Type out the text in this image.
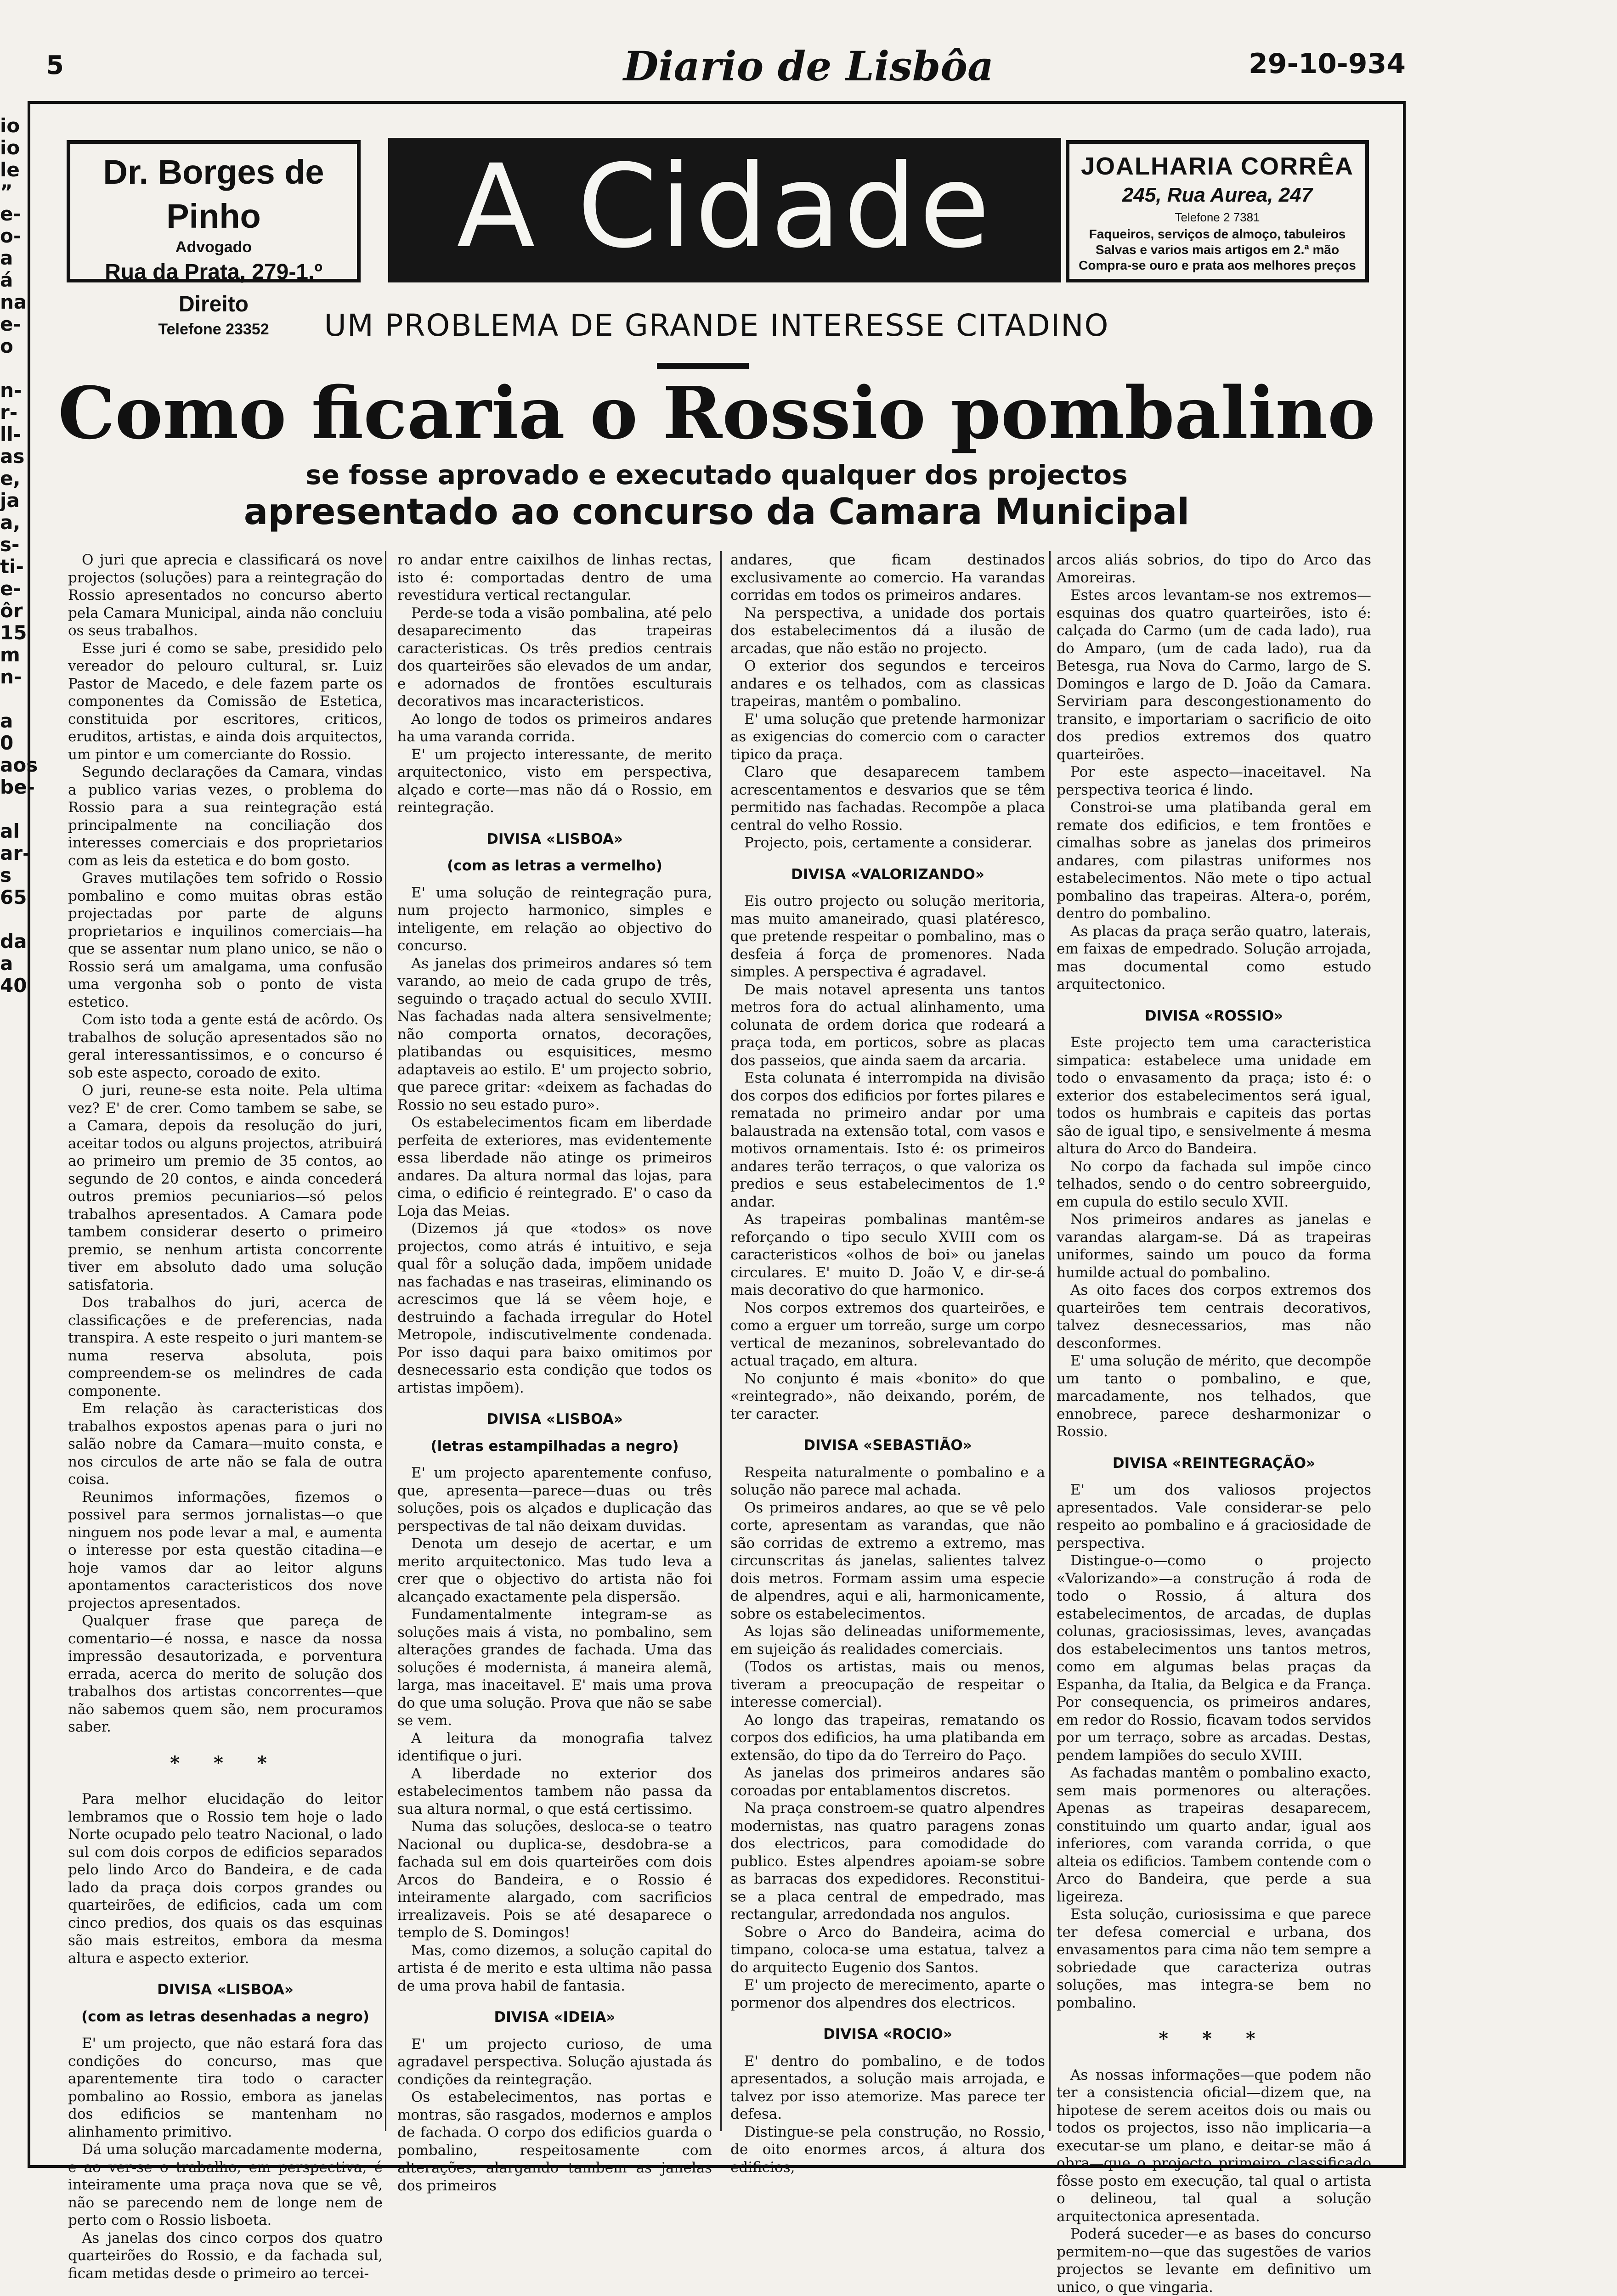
io
io
le
”
e-
o-
a
á
na
e-
o

n-
r-
ll-
as
e,
ja
a,
s-
ti-
e-
ôr
15
m
n-

a
0
aos
be-

al
ar-
s
65

da
a
40
5	Diario de Lisbôa	29-10-934
Dr. Borges de Pinho
Advogado
Rua da Prata, 279-1.º Direito
Telefone 23352
A Cidade	JOALHARIA CORRÊA
245, Rua Aurea, 247
Telefone 2 7381
Faqueiros, serviços de almoço, tabuleiros
Salvas e varios mais artigos em 2.ª mão
Compra-se ouro e prata aos melhores preços
UM PROBLEMA DE GRANDE INTERESSE CITADINO
Como ficaria o Rossio pombalino
se fosse aprovado e executado qualquer dos projectos
apresentado ao concurso da Camara Municipal

O juri que aprecia e classificará os nove projectos (soluções) para a reintegração do Rossio apresentados no concurso aberto pela Camara Municipal, ainda não concluiu os seus trabalhos.

Esse juri é como se sabe, presidido pelo vereador do pelouro cultural, sr. Luiz Pastor de Macedo, e dele fazem parte os componentes da Comissão de Estetica, constituida por escritores, criticos, eruditos, artistas, e ainda dois arquitectos, um pintor e um comerciante do Rossio.

Segundo declarações da Camara, vindas a publico varias vezes, o problema do Rossio para a sua reintegração está principalmente na conciliação dos interesses comerciais e dos proprietarios com as leis da estetica e do bom gosto.

Graves mutilações tem sofrido o Rossio pombalino e como muitas obras estão projectadas por parte de alguns proprietarios e inquilinos comerciais—ha que se assentar num plano unico, se não o Rossio será um amalgama, uma confusão uma vergonha sob o ponto de vista estetico.

Com isto toda a gente está de acôrdo. Os trabalhos de solução apresentados são no geral interessantissimos, e o concurso é sob este aspecto, coroado de exito.

O juri, reune-se esta noite. Pela ultima vez? E' de crer. Como tambem se sabe, se a Camara, depois da resolução do juri, aceitar todos ou alguns projectos, atribuirá ao primeiro um premio de 35 contos, ao segundo de 20 contos, e ainda concederá outros premios pecuniarios—só pelos trabalhos apresentados. A Camara pode tambem considerar deserto o primeiro premio, se nenhum artista concorrente tiver em absoluto dado uma solução satisfatoria.

Dos trabalhos do juri, acerca de classificações e de preferencias, nada transpira. A este respeito o juri mantem-se numa reserva absoluta, pois compreendem-se os melindres de cada componente.

Em relação às caracteristicas dos trabalhos expostos apenas para o juri no salão nobre da Camara—muito consta, e nos circulos de arte não se fala de outra coisa.

Reunimos informações, fizemos o possivel para sermos jornalistas—o que ninguem nos pode levar a mal, e aumenta o interesse por esta questão citadina—e hoje vamos dar ao leitor alguns apontamentos caracteristicos dos nove projectos apresentados.

Qualquer frase que pareça de comentario—é nossa, e nasce da nossa impressão desautorizada, e porventura errada, acerca do merito de solução dos trabalhos dos artistas concorrentes—que não sabemos quem são, nem procuramos saber.

* * *

Para melhor elucidação do leitor lembramos que o Rossio tem hoje o lado Norte ocupado pelo teatro Nacional, o lado sul com dois corpos de edificios separados pelo lindo Arco do Bandeira, e de cada lado da praça dois corpos grandes ou quarteirões, de edificios, cada um com cinco predios, dos quais os das esquinas são mais estreitos, embora da mesma altura e aspecto exterior.

DIVISA «LISBOA»

(com as letras desenhadas a negro)

E' um projecto, que não estará fora das condições do concurso, mas que aparentemente tira todo o caracter pombalino ao Rossio, embora as janelas dos edificios se mantenham no alinhamento primitivo.

Dá uma solução marcadamente moderna, e ao ver-se o trabalho, em perspectiva, é inteiramente uma praça nova que se vê, não se parecendo nem de longe nem de perto com o Rossio lisboeta.

As janelas dos cinco corpos dos quatro quarteirões do Rossio, e da fachada sul, ficam metidas desde o primeiro ao tercei-

ro andar entre caixilhos de linhas rectas, isto é: comportadas dentro de uma revestidura vertical rectangular.

Perde-se toda a visão pombalina, até pelo desaparecimento das trapeiras caracteristicas. Os três predios centrais dos quarteirões são elevados de um andar, e adornados de frontões esculturais decorativos mas incaracteristicos.

Ao longo de todos os primeiros andares ha uma varanda corrida.

E' um projecto interessante, de merito arquitectonico, visto em perspectiva, alçado e corte—mas não dá o Rossio, em reintegração.

DIVISA «LISBOA»

(com as letras a vermelho)

E' uma solução de reintegração pura, num projecto harmonico, simples e inteligente, em relação ao objectivo do concurso.

As janelas dos primeiros andares só tem varando, ao meio de cada grupo de três, seguindo o traçado actual do seculo XVIII. Nas fachadas nada altera sensivelmente; não comporta ornatos, decorações, platibandas ou esquisitices, mesmo adaptaveis ao estilo. E' um projecto sobrio, que parece gritar: «deixem as fachadas do Rossio no seu estado puro».

Os estabelecimentos ficam em liberdade perfeita de exteriores, mas evidentemente essa liberdade não atinge os primeiros andares. Da altura normal das lojas, para cima, o edificio é reintegrado. E' o caso da Loja das Meias.

(Dizemos já que «todos» os nove projectos, como atrás é intuitivo, e seja qual fôr a solução dada, impõem unidade nas fachadas e nas traseiras, eliminando os acrescimos que lá se vêem hoje, e destruindo a fachada irregular do Hotel Metropole, indiscutivelmente condenada. Por isso daqui para baixo omitimos por desnecessario esta condição que todos os artistas impõem).

DIVISA «LISBOA»

(letras estampilhadas a negro)

E' um projecto aparentemente confuso, que, apresenta—parece—duas ou três soluções, pois os alçados e duplicação das perspectivas de tal não deixam duvidas.

Denota um desejo de acertar, e um merito arquitectonico. Mas tudo leva a crer que o objectivo do artista não foi alcançado exactamente pela dispersão.

Fundamentalmente integram-se as soluções mais á vista, no pombalino, sem alterações grandes de fachada. Uma das soluções é modernista, á maneira alemã, larga, mas inaceitavel. E' mais uma prova do que uma solução. Prova que não se sabe se vem.

A leitura da monografia talvez identifique o juri.

A liberdade no exterior dos estabelecimentos tambem não passa da sua altura normal, o que está certissimo.

Numa das soluções, desloca-se o teatro Nacional ou duplica-se, desdobra-se a fachada sul em dois quarteirões com dois Arcos do Bandeira, e o Rossio é inteiramente alargado, com sacrificios irrealizaveis. Pois se até desaparece o templo de S. Domingos!

Mas, como dizemos, a solução capital do artista é de merito e esta ultima não passa de uma prova habil de fantasia.

DIVISA «IDEIA»

E' um projecto curioso, de uma agradavel perspectiva. Solução ajustada ás condições da reintegração.

Os estabelecimentos, nas portas e montras, são rasgados, modernos e amplos de fachada. O corpo dos edificios guarda o pombalino, respeitosamente com alterações, alargando tambem as janelas dos primeiros

andares, que ficam destinados exclusivamente ao comercio. Ha varandas corridas em todos os primeiros andares.

Na perspectiva, a unidade dos portais dos estabelecimentos dá a ilusão de arcadas, que não estão no projecto.

O exterior dos segundos e terceiros andares e os telhados, com as classicas trapeiras, mantêm o pombalino.

E' uma solução que pretende harmonizar as exigencias do comercio com o caracter tipico da praça.

Claro que desaparecem tambem acrescentamentos e desvarios que se têm permitido nas fachadas. Recompõe a placa central do velho Rossio.

Projecto, pois, certamente a considerar.

DIVISA «VALORIZANDO»

Eis outro projecto ou solução meritoria, mas muito amaneirado, quasi platéresco, que pretende respeitar o pombalino, mas o desfeia á força de promenores. Nada simples. A perspectiva é agradavel.

De mais notavel apresenta uns tantos metros fora do actual alinhamento, uma colunata de ordem dorica que rodeará a praça toda, em porticos, sobre as placas dos passeios, que ainda saem da arcaria.

Esta colunata é interrompida na divisão dos corpos dos edificios por fortes pilares e rematada no primeiro andar por uma balaustrada na extensão total, com vasos e motivos ornamentais. Isto é: os primeiros andares terão terraços, o que valoriza os predios e seus estabelecimentos de 1.º andar.

As trapeiras pombalinas mantêm-se reforçando o tipo seculo XVIII com os caracteristicos «olhos de boi» ou janelas circulares. E' muito D. João V, e dir-se-á mais decorativo do que harmonico.

Nos corpos extremos dos quarteirões, e como a erguer um torreão, surge um corpo vertical de mezaninos, sobrelevantado do actual traçado, em altura.

No conjunto é mais «bonito» do que «reintegrado», não deixando, porém, de ter caracter.

DIVISA «SEBASTIÃO»

Respeita naturalmente o pombalino e a solução não parece mal achada.

Os primeiros andares, ao que se vê pelo corte, apresentam as varandas, que não são corridas de extremo a extremo, mas circunscritas ás janelas, salientes talvez dois metros. Formam assim uma especie de alpendres, aqui e ali, harmonicamente, sobre os estabelecimentos.

As lojas são delineadas uniformemente, em sujeição ás realidades comerciais.

(Todos os artistas, mais ou menos, tiveram a preocupação de respeitar o interesse comercial).

Ao longo das trapeiras, rematando os corpos dos edificios, ha uma platibanda em extensão, do tipo da do Terreiro do Paço.

As janelas dos primeiros andares são coroadas por entablamentos discretos.

Na praça constroem-se quatro alpendres modernistas, nas quatro paragens zonas dos electricos, para comodidade do publico. Estes alpendres apoiam-se sobre as barracas dos expedidores. Reconstitui-se a placa central de empedrado, mas rectangular, arredondada nos angulos.

Sobre o Arco do Bandeira, acima do timpano, coloca-se uma estatua, talvez a do arquitecto Eugenio dos Santos.

E' um projecto de merecimento, aparte o pormenor dos alpendres dos electricos.

DIVISA «ROCIO»

E' dentro do pombalino, e de todos apresentados, a solução mais arrojada, e talvez por isso atemorize. Mas parece ter defesa.

Distingue-se pela construção, no Rossio, de oito enormes arcos, á altura dos edificios,

arcos aliás sobrios, do tipo do Arco das Amoreiras.

Estes arcos levantam-se nos extremos—esquinas dos quatro quarteirões, isto é: calçada do Carmo (um de cada lado), rua do Amparo, (um de cada lado), rua da Betesga, rua Nova do Carmo, largo de S. Domingos e largo de D. João da Camara. Serviriam para descongestionamento do transito, e importariam o sacrificio de oito dos predios extremos dos quatro quarteirões.

Por este aspecto—inaceitavel. Na perspectiva teorica é lindo.

Constroi-se uma platibanda geral em remate dos edificios, e tem frontões e cimalhas sobre as janelas dos primeiros andares, com pilastras uniformes nos estabelecimentos. Não mete o tipo actual pombalino das trapeiras. Altera-o, porém, dentro do pombalino.

As placas da praça serão quatro, laterais, em faixas de empedrado. Solução arrojada, mas documental como estudo arquitectonico.

DIVISA «ROSSIO»

Este projecto tem uma caracteristica simpatica: estabelece uma unidade em todo o envasamento da praça; isto é: o exterior dos estabelecimentos será igual, todos os humbrais e capiteis das portas são de igual tipo, e sensivelmente á mesma altura do Arco do Bandeira.

No corpo da fachada sul impõe cinco telhados, sendo o do centro sobreerguido, em cupula do estilo seculo XVII.

Nos primeiros andares as janelas e varandas alargam-se. Dá as trapeiras uniformes, saindo um pouco da forma humilde actual do pombalino.

As oito faces dos corpos extremos dos quarteirões tem centrais decorativos, talvez desnecessarios, mas não desconformes.

E' uma solução de mérito, que decompõe um tanto o pombalino, e que, marcadamente, nos telhados, que ennobrece, parece desharmonizar o Rossio.

DIVISA «REINTEGRAÇÃO»

E' um dos valiosos projectos apresentados. Vale considerar-se pelo respeito ao pombalino e á graciosidade de perspectiva.

Distingue-o—como o projecto «Valorizando»—a construção á roda de todo o Rossio, á altura dos estabelecimentos, de arcadas, de duplas colunas, graciosissimas, leves, avançadas dos estabelecimentos uns tantos metros, como em algumas belas praças da Espanha, da Italia, da Belgica e da França. Por consequencia, os primeiros andares, em redor do Rossio, ficavam todos servidos por um terraço, sobre as arcadas. Destas, pendem lampiões do seculo XVIII.

As fachadas mantêm o pombalino exacto, sem mais pormenores ou alterações. Apenas as trapeiras desaparecem, constituindo um quarto andar, igual aos inferiores, com varanda corrida, o que alteia os edificios. Tambem contende com o Arco do Bandeira, que perde a sua ligeireza.

Esta solução, curiosissima e que parece ter defesa comercial e urbana, dos envasamentos para cima não tem sempre a sobriedade que caracteriza outras soluções, mas integra-se bem no pombalino.

* * *

As nossas informações—que podem não ter a consistencia oficial—dizem que, na hipotese de serem aceitos dois ou mais ou todos os projectos, isso não implicaria—a executar-se um plano, e deitar-se mão á obra—que o projecto primeiro classificado fôsse posto em execução, tal qual o artista o delineou, tal qual a solução arquitectonica apresentada.

Poderá suceder—e as bases do concurso permitem-no—que das sugestões de varios projectos se levante em definitivo um unico, o que vingaria.
